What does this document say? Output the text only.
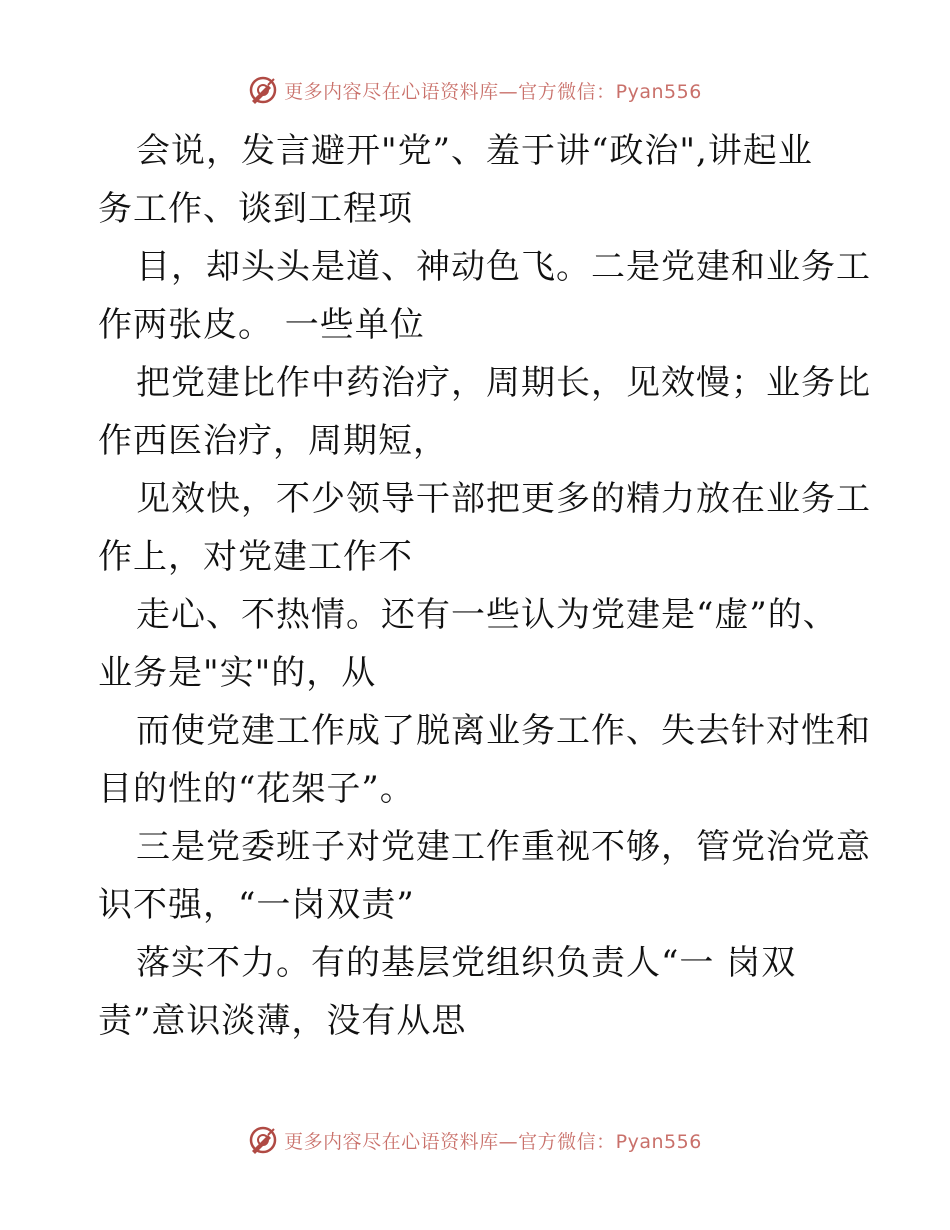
更多内容尽在心语资料库—官方微信：Pyan556

会说，发言避开"党”、羞于讲“政治",讲起业
务工作、谈到工程项

目，却头头是道、神动色飞。二是党建和业务工
作两张皮。 一些单位

把党建比作中药治疗，周期长，见效慢；业务比
作西医治疗，周期短，

见效快，不少领导干部把更多的精力放在业务工
作上，对党建工作不

走心、不热情。还有一些认为党建是“虚”的、
业务是"实"的，从

而使党建工作成了脱离业务工作、失去针对性和
目的性的“花架子”。

三是党委班子对党建工作重视不够，管党治党意
识不强，“一岗双责”

落实不力。有的基层党组织负责人“一 岗双
责”意识淡薄，没有从思

更多内容尽在心语资料库—官方微信：Pyan556
